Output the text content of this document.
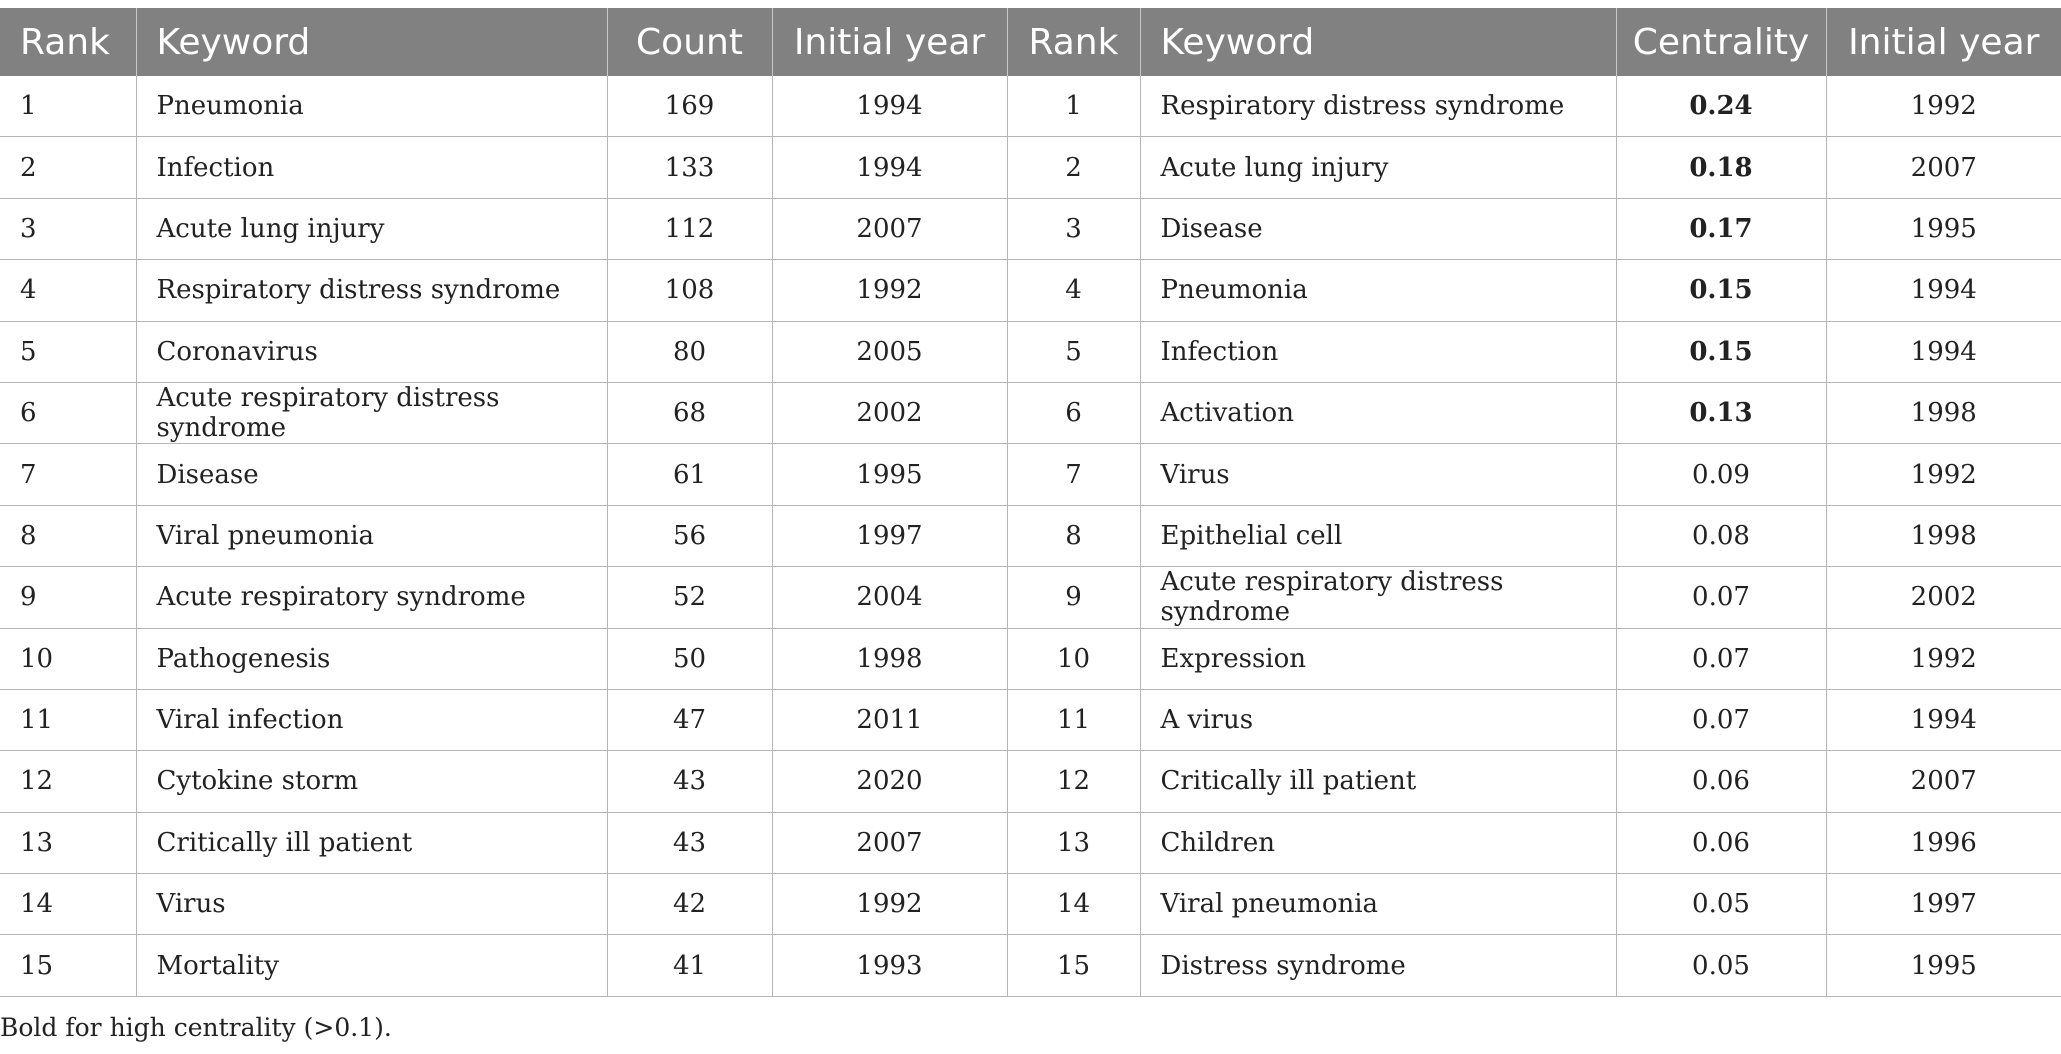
Rank	Keyword	Count	Initial year	Rank	Keyword	Centrality	Initial year
1	Pneumonia	169	1994	1	Respiratory distress syndrome	0.24	1992
2	Infection	133	1994	2	Acute lung injury	0.18	2007
3	Acute lung injury	112	2007	3	Disease	0.17	1995
4	Respiratory distress syndrome	108	1992	4	Pneumonia	0.15	1994
5	Coronavirus	80	2005	5	Infection	0.15	1994
6	Acute respiratory distress syndrome	68	2002	6	Activation	0.13	1998
7	Disease	61	1995	7	Virus	0.09	1992
8	Viral pneumonia	56	1997	8	Epithelial cell	0.08	1998
9	Acute respiratory syndrome	52	2004	9	Acute respiratory distress syndrome	0.07	2002
10	Pathogenesis	50	1998	10	Expression	0.07	1992
11	Viral infection	47	2011	11	A virus	0.07	1994
12	Cytokine storm	43	2020	12	Critically ill patient	0.06	2007
13	Critically ill patient	43	2007	13	Children	0.06	1996
14	Virus	42	1992	14	Viral pneumonia	0.05	1997
15	Mortality	41	1993	15	Distress syndrome	0.05	1995
Bold for high centrality (>0.1).
